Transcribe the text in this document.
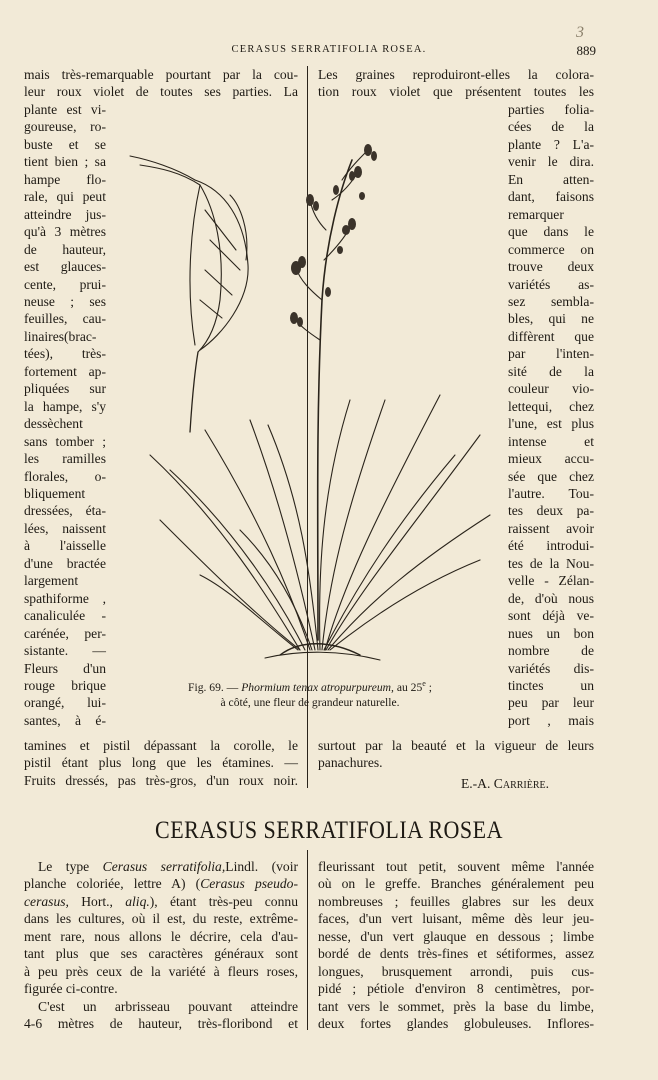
3
CERASUS SERRATIFOLIA ROSEA.	889
mais très-remarquable pourtant par la cou-
leur roux violet de toutes ses parties. La
Les graines reproduiront-elles la colora-
tion roux violet que présentent toutes les
plante est vi-
goureuse, ro-
buste et se
tient bien ; sa
hampe flo-
rale, qui peut
atteindre jus-
qu'à 3 mètres
de hauteur,
est glauces-
cente, prui-
neuse ; ses
feuilles, cau-
linaires(brac-
tées), très-
fortement ap-
pliquées sur
la hampe, s'y
dessèchent
sans tomber ;
les ramilles
florales, o-
bliquement
dressées, éta-
lées, naissent
à l'aisselle
d'une bractée
largement
spathiforme ,
canaliculée -
carénée, per-
sistante. —
Fleurs d'un
rouge brique
orangé, lui-
santes, à é-
parties folia-
cées de la
plante ? L'a-
venir le dira.
En atten-
dant, faisons
remarquer
que dans le
commerce on
trouve deux
variétés as-
sez sembla-
bles, qui ne
diffèrent que
par l'inten-
sité de la
couleur vio-
lettequi, chez
l'une, est plus
intense et
mieux accu-
sée que chez
l'autre. Tou-
tes deux pa-
raissent avoir
été introdui-
tes de la Nou-
velle - Zélan-
de, d'où nous
sont déjà ve-
nues un bon
nombre de
variétés dis-
tinctes un
peu par leur
port , mais
tamines et pistil dépassant la corolle, le
pistil étant plus long que les étamines. —
Fruits dressés, pas très-gros, d'un roux noir.
surtout par la beauté et la vigueur de leurs
panachures.
E.-A. Carrière.
Fig. 69. — Phormium tenax atropurpureum, au 25e ;
à côté, une fleur de grandeur naturelle.
CERASUS SERRATIFOLIA ROSEA
Le type Cerasus serratifolia,Lindl. (voir
planche coloriée, lettre A) (Cerasus pseudo-
cerasus, Hort., aliq.), étant très-peu connu
dans les cultures, où il est, du reste, extrême-
ment rare, nous allons le décrire, cela d'au-
tant plus que ses caractères généraux sont
à peu près ceux de la variété à fleurs roses,
figurée ci-contre.
C'est un arbrisseau pouvant atteindre
4-6 mètres de hauteur, très-floribond et
fleurissant tout petit, souvent même l'année
où on le greffe. Branches généralement peu
nombreuses ; feuilles glabres sur les deux
faces, d'un vert luisant, même dès leur jeu-
nesse, d'un vert glauque en dessous ; limbe
bordé de dents très-fines et sétiformes, assez
longues, brusquement arrondi, puis cus-
pidé ; pétiole d'environ 8 centimètres, por-
tant vers le sommet, près la base du limbe,
deux fortes glandes globuleuses. Inflores-
